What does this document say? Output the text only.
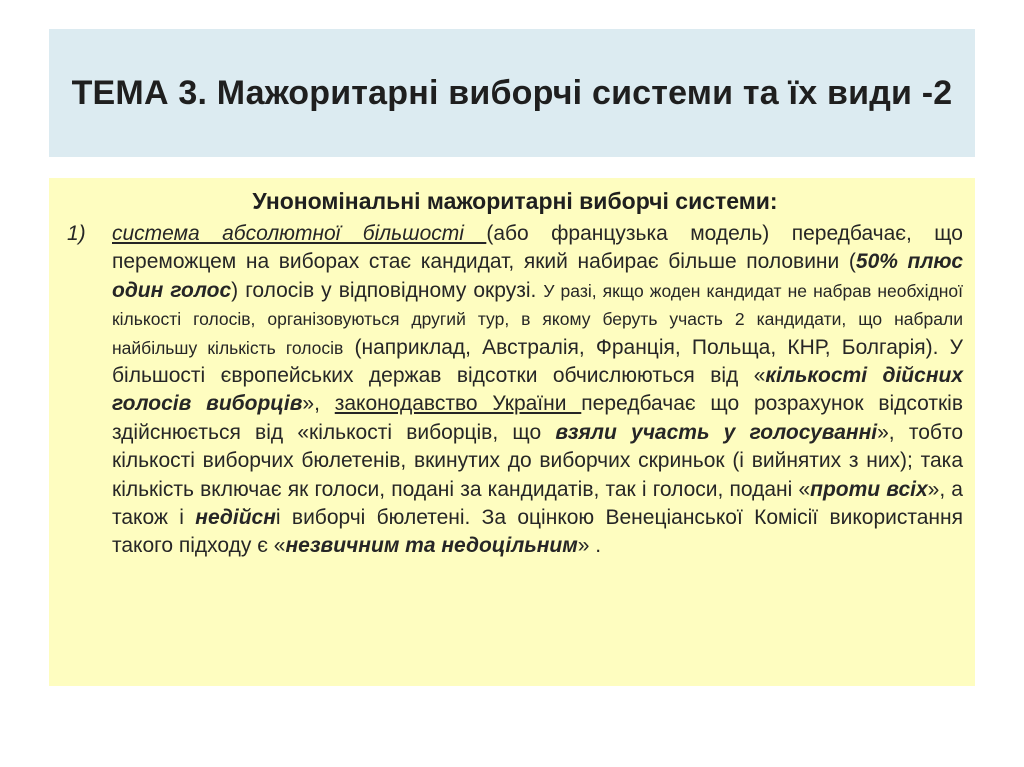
ТЕМА 3. Мажоритарні виборчі системи та їх види -2
Унономінальні мажоритарні виборчі системи:
1)	система абсолютної більшості (або французька модель) передбачає, що переможцем на виборах стає кандидат, який набирає більше половини (50% плюс один голос) голосів у відповідному окрузі. У разі, якщо жоден кандидат не набрав необхідної кількості голосів, організовуються другий тур, в якому беруть участь 2 кандидати, що набрали найбільшу кількість голосів (наприклад, Австралія, Франція, Польща, КНР, Болгарія). У більшості європейських держав відсотки обчислюються від «кількості дійсних голосів виборців», законодавство України передбачає що розрахунок відсотків здійснюється від «кількості виборців, що взяли участь у голосуванні», тобто кількості виборчих бюлетенів, вкинутих до виборчих скриньок (і вийнятих з них); така кількість включає як голоси, подані за кандидатів, так і голоси, подані «проти всіх», а також і недійсні виборчі бюлетені. За оцінкою Венеціанської Комісії використання такого підходу є «незвичним та недоцільним» .
